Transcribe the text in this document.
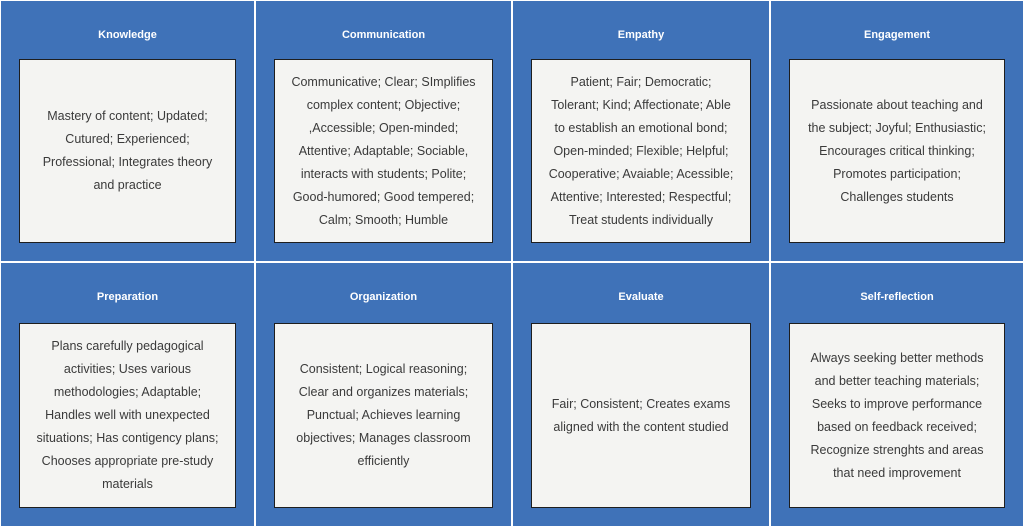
Knowledge
Mastery of content; Updated;
Cutured; Experienced;
Professional; Integrates theory
and practice
Communication
Communicative; Clear; SImplifies
complex content; Objective;
,Accessible; Open-minded;
Attentive; Adaptable; Sociable,
interacts with students; Polite;
Good-humored; Good tempered;
Calm; Smooth; Humble
Empathy
Patient; Fair; Democratic;
Tolerant; Kind; Affectionate; Able
to establish an emotional bond;
Open-minded; Flexible; Helpful;
Cooperative; Avaiable; Acessible;
Attentive; Interested; Respectful;
Treat students individually
Engagement
Passionate about teaching and
the subject; Joyful; Enthusiastic;
Encourages critical thinking;
Promotes participation;
Challenges students
Preparation
Plans carefully pedagogical
activities; Uses various
methodologies; Adaptable;
Handles well with unexpected
situations; Has contigency plans;
Chooses appropriate pre-study
materials
Organization
Consistent; Logical reasoning;
Clear and organizes materials;
Punctual; Achieves learning
objectives; Manages classroom
efficiently
Evaluate
Fair; Consistent; Creates exams
aligned with the content studied
Self-reflection
Always seeking better methods
and better teaching materials;
Seeks to improve performance
based on feedback received;
Recognize strenghts and areas
that need improvement
